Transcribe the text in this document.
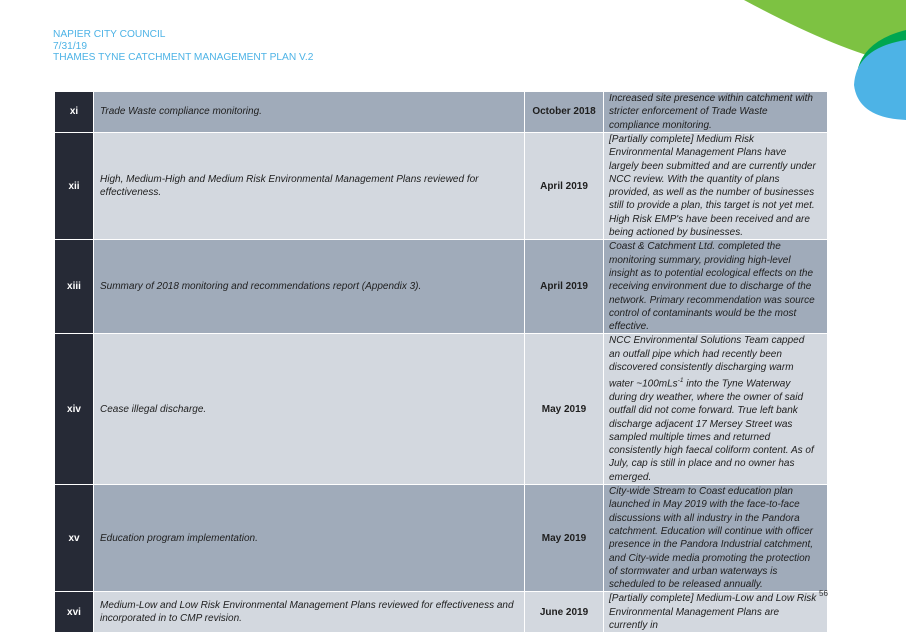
NAPIER CITY COUNCIL
7/31/19
THAMES TYNE CATCHMENT MANAGEMENT PLAN V.2
xi	Trade Waste compliance monitoring.	October 2018	Increased site presence within catchment with stricter enforcement of Trade Waste compliance monitoring.
xii	High, Medium-High and Medium Risk Environmental Management Plans reviewed for effectiveness.	April 2019	[Partially complete] Medium Risk Environmental Management Plans have largely been submitted and are currently under NCC review. With the quantity of plans provided, as well as the number of businesses still to provide a plan, this target is not yet met. High Risk EMP's have been received and are being actioned by businesses.
xiii	Summary of 2018 monitoring and recommendations report (Appendix 3).	April 2019	Coast & Catchment Ltd. completed the monitoring summary, providing high-level insight as to potential ecological effects on the receiving environment due to discharge of the network. Primary recommendation was source control of contaminants would be the most effective.
xiv	Cease illegal discharge.	May 2019	NCC Environmental Solutions Team capped an outfall pipe which had recently been discovered consistently discharging warm water ~100mLs$^{-1}$ into the Tyne Waterway during dry weather, where the owner of said outfall did not come forward. True left bank discharge adjacent 17 Mersey Street was sampled multiple times and returned consistently high faecal coliform content. As of July, cap is still in place and no owner has emerged.
xv	Education program implementation.	May 2019	City-wide Stream to Coast education plan launched in May 2019 with the face-to-face discussions with all industry in the Pandora catchment. Education will continue with officer presence in the Pandora Industrial catchment, and City-wide media promoting the protection of stormwater and urban waterways is scheduled to be released annually.
xvi	Medium-Low and Low Risk Environmental Management Plans reviewed for effectiveness and incorporated in to CMP revision.	June 2019	[Partially complete] Medium-Low and Low Risk Environmental Management Plans are currently in
56
